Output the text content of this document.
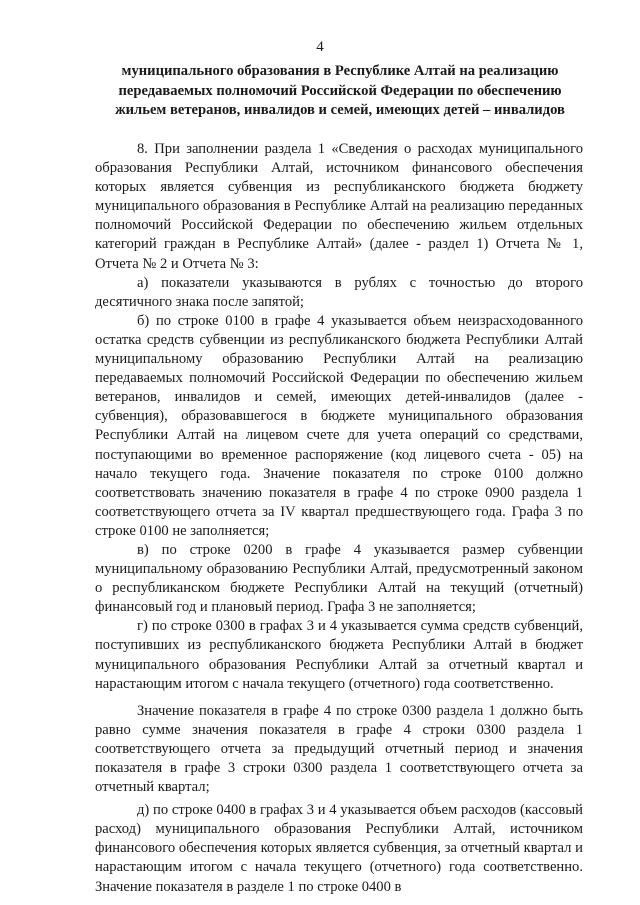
4
муниципального образования в Республике Алтай на реализацию передаваемых полномочий Российской Федерации по обеспечению жильем ветеранов, инвалидов и семей, имеющих детей – инвалидов

8. При заполнении раздела 1 «Сведения о расходах муниципального образования Республики Алтай, источником финансового обеспечения которых является субвенция из республиканского бюджета бюджету муниципального образования в Республике Алтай на реализацию переданных полномочий Российской Федерации по обеспечению жильем отдельных категорий граждан в Республике Алтай» (далее - раздел 1) Отчета № 1, Отчета № 2 и Отчета № 3:

а) показатели указываются в рублях с точностью до второго десятичного знака после запятой;

б) по строке 0100 в графе 4 указывается объем неизрасходованного остатка средств субвенции из республиканского бюджета Республики Алтай муниципальному образованию Республики Алтай на реализацию передаваемых полномочий Российской Федерации по обеспечению жильем ветеранов, инвалидов и семей, имеющих детей-инвалидов (далее - субвенция), образовавшегося в бюджете муниципального образования Республики Алтай на лицевом счете для учета операций со средствами, поступающими во временное распоряжение (код лицевого счета - 05) на начало текущего года. Значение показателя по строке 0100 должно соответствовать значению показателя в графе 4 по строке 0900 раздела 1 соответствующего отчета за IV квартал предшествующего года. Графа 3 по строке 0100 не заполняется;

в) по строке 0200 в графе 4 указывается размер субвенции муниципальному образованию Республики Алтай, предусмотренный законом о республиканском бюджете Республики Алтай на текущий (отчетный) финансовый год и плановый период. Графа 3 не заполняется;

г) по строке 0300 в графах 3 и 4 указывается сумма средств субвенций, поступивших из республиканского бюджета Республики Алтай в бюджет муниципального образования Республики Алтай за отчетный квартал и нарастающим итогом с начала текущего (отчетного) года соответственно.

Значение показателя в графе 4 по строке 0300 раздела 1 должно быть равно сумме значения показателя в графе 4 строки 0300 раздела 1 соответствующего отчета за предыдущий отчетный период и значения показателя в графе 3 строки 0300 раздела 1 соответствующего отчета за отчетный квартал;

д) по строке 0400 в графах 3 и 4 указывается объем расходов (кассовый расход) муниципального образования Республики Алтай, источником финансового обеспечения которых является субвенция, за отчетный квартал и нарастающим итогом с начала текущего (отчетного) года соответственно. Значение показателя в разделе 1 по строке 0400 в
